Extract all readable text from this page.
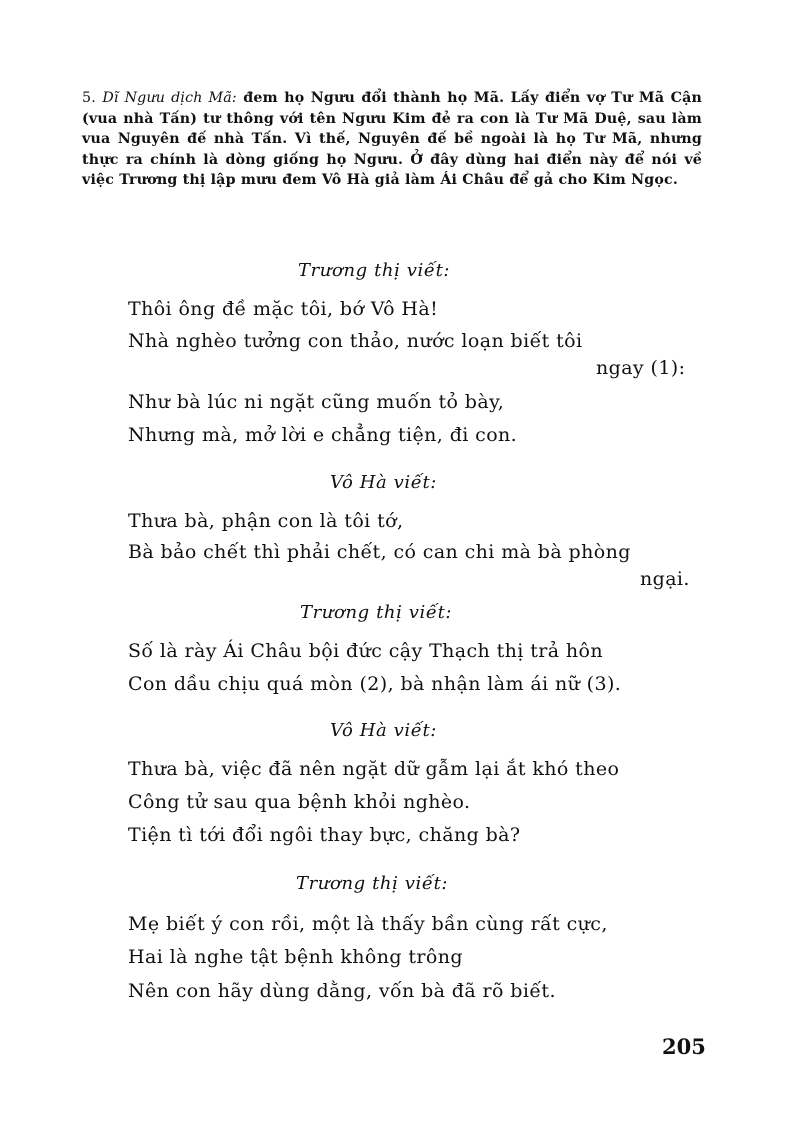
5. Dĩ Ngưu dịch Mã: đem họ Ngưu đổi thành họ Mã. Lấy điển vợ Tư Mã Cận (vua nhà Tấn) tư thông với tên Ngưu Kim đẻ ra con là Tư Mã Duệ, sau làm vua Nguyên đế nhà Tấn. Vì thế, Nguyên đế bề ngoài là họ Tư Mã, nhưng thực ra chính là dòng giống họ Ngưu. Ở đây dùng hai điển này để nói về việc Trương thị lập mưu đem Vô Hà giả làm Ái Châu để gả cho Kim Ngọc.
Trương thị viết:
Thôi ông đề mặc tôi, bớ Vô Hà!
Nhà nghèo tưởng con thảo, nước loạn biết tôi
ngay (1):
Như bà lúc ni ngặt cũng muốn tỏ bày,
Nhưng mà, mở lời e chẳng tiện, đi con.
Vô Hà viết:
Thưa bà, phận con là tôi tớ,
Bà bảo chết thì phải chết, có can chi mà bà phòng
ngại.
Trương thị viết:
Số là rày Ái Châu bội đức cậy Thạch thị trả hôn
Con dầu chịu quá mòn (2), bà nhận làm ái nữ (3).
Vô Hà viết:
Thưa bà, việc đã nên ngặt dữ gẫm lại ắt khó theo
Công tử sau qua bệnh khỏi nghèo.
Tiện tì tới đổi ngôi thay bực, chăng bà?
Trương thị viết:
Mẹ biết ý con rồi, một là thấy bần cùng rất cực,
Hai là nghe tật bệnh không trông
Nên con hãy dùng dằng, vốn bà đã rõ biết.
205
